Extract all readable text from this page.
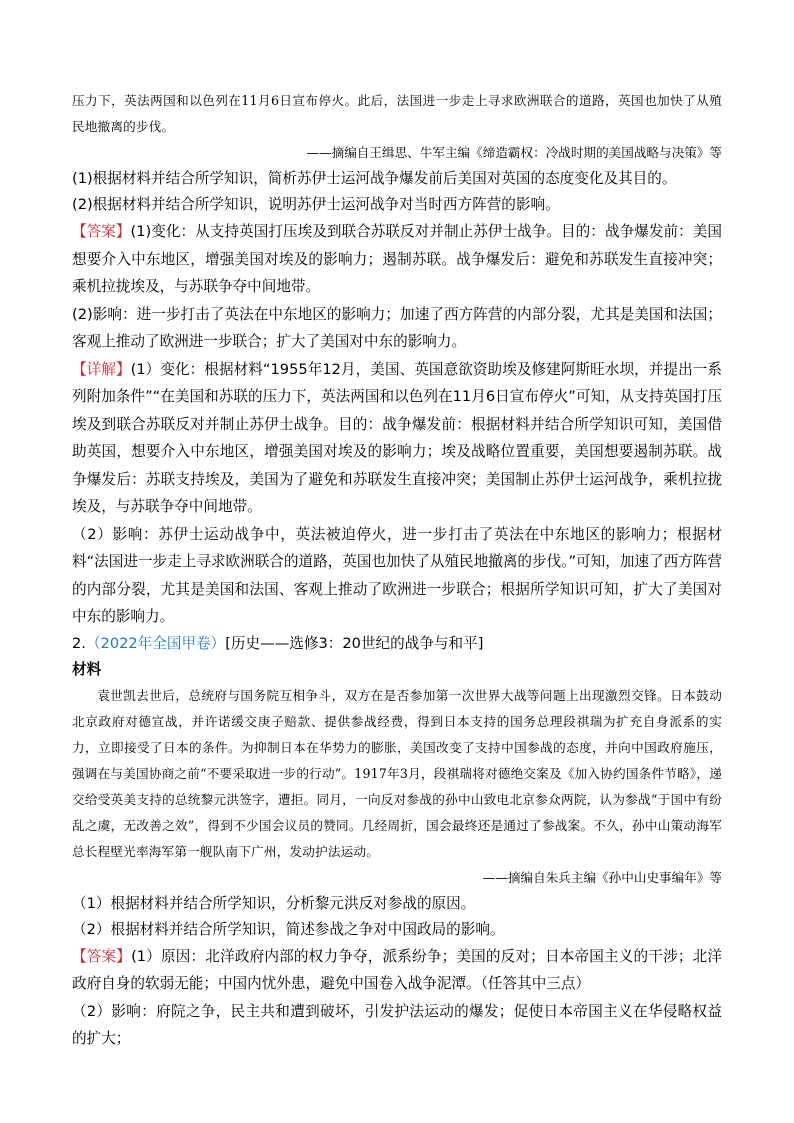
压力下，英法两国和以色列在11月6日宣布停火。此后，法国进一步走上寻求欧洲联合的道路，英国也加快了从殖民地撤离的步伐。
——摘编自王缉思、牛军主编《缔造霸权：冷战时期的美国战略与决策》等
(1)根据材料并结合所学知识，简析苏伊士运河战争爆发前后美国对英国的态度变化及其目的。
(2)根据材料并结合所学知识，说明苏伊士运河战争对当时西方阵营的影响。
【答案】(1)变化：从支持英国打压埃及到联合苏联反对并制止苏伊士战争。目的：战争爆发前：美国想要介入中东地区，增强美国对埃及的影响力；遏制苏联。战争爆发后：避免和苏联发生直接冲突；乘机拉拢埃及，与苏联争夺中间地带。
(2)影响：进一步打击了英法在中东地区的影响力；加速了西方阵营的内部分裂，尤其是美国和法国；客观上推动了欧洲进一步联合；扩大了美国对中东的影响力。
【详解】(1）变化：根据材料“1955年12月，美国、英国意欲资助埃及修建阿斯旺水坝，并提出一系列附加条件”“在美国和苏联的压力下，英法两国和以色列在11月6日宣布停火”可知，从支持英国打压埃及到联合苏联反对并制止苏伊士战争。目的：战争爆发前：根据材料并结合所学知识可知，美国借助英国，想要介入中东地区，增强美国对埃及的影响力；埃及战略位置重要，美国想要遏制苏联。战争爆发后：苏联支持埃及，美国为了避免和苏联发生直接冲突；美国制止苏伊士运河战争，乘机拉拢埃及，与苏联争夺中间地带。
（2）影响：苏伊士运动战争中，英法被迫停火，进一步打击了英法在中东地区的影响力；根据材料“法国进一步走上寻求欧洲联合的道路，英国也加快了从殖民地撤离的步伐。”可知，加速了西方阵营的内部分裂，尤其是美国和法国、客观上推动了欧洲进一步联合；根据所学知识可知，扩大了美国对中东的影响力。
2.（2022年全国甲卷）[历史——选修3：20世纪的战争与和平]
材料
袁世凯去世后，总统府与国务院互相争斗，双方在是否参加第一次世界大战等问题上出现激烈交锋。日本鼓动北京政府对德宣战，并许诺缓交庚子赔款、提供参战经费，得到日本支持的国务总理段祺瑞为扩充自身派系的实力，立即接受了日本的条件。为抑制日本在华势力的膨胀，美国改变了支持中国参战的态度，并向中国政府施压，强调在与美国协商之前“不要采取进一步的行动”。1917年3月，段祺瑞将对德绝交案及《加入协约国条件节略》，递交给受英美支持的总统黎元洪签字，遭拒。同月，一向反对参战的孙中山致电北京参众两院，认为参战“于国中有纷乱之虞，无改善之效”，得到不少国会议员的赞同。几经周折，国会最终还是通过了参战案。不久，孙中山策动海军总长程壁光率海军第一舰队南下广州，发动护法运动。
——摘编自朱兵主编《孙中山史事编年》等
（1）根据材料并结合所学知识，分析黎元洪反对参战的原因。
（2）根据材料并结合所学知识，简述参战之争对中国政局的影响。
【答案】(1）原因：北洋政府内部的权力争夺，派系纷争；美国的反对；日本帝国主义的干涉；北洋政府自身的软弱无能；中国内忧外患，避免中国卷入战争泥潭。（任答其中三点）
（2）影响：府院之争，民主共和遭到破坏，引发护法运动的爆发；促使日本帝国主义在华侵略权益的扩大；
